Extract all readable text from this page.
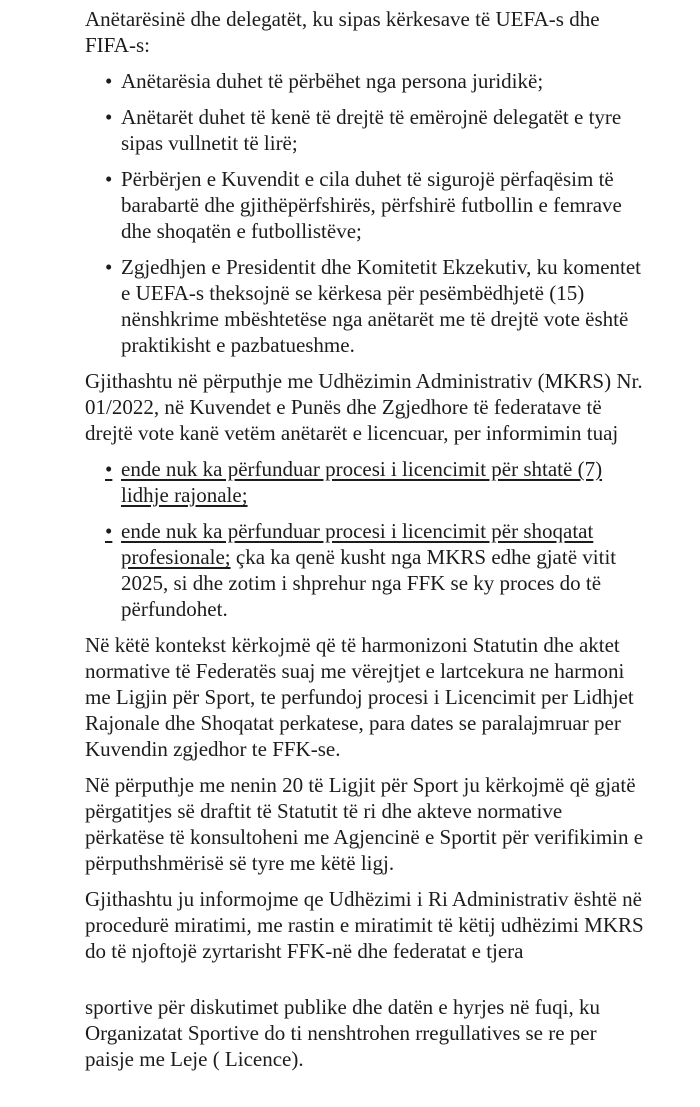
Anëtarësinë dhe delegatët, ku sipas kërkesave të UEFA-s dhe FIFA-s:

•
Anëtarësia duhet të përbëhet nga persona juridikë;
•
Anëtarët duhet të kenë të drejtë të emërojnë delegatët e tyre sipas vullnetit të lirë;
•
Përbërjen e Kuvendit e cila duhet të sigurojë përfaqësim të barabartë dhe gjithëpërfshirës, përfshirë futbollin e femrave dhe shoqatën e futbollistëve;
•
Zgjedhjen e Presidentit dhe Komitetit Ekzekutiv, ku komentet e UEFA-s theksojnë se kërkesa për pesëmbëdhjetë (15) nënshkrime mbështetëse nga anëtarët me të drejtë vote është praktikisht e pazbatueshme.

Gjithashtu në përputhje me Udhëzimin Administrativ (MKRS) Nr. 01/2022, në Kuvendet e Punës dhe Zgjedhore të federatave të drejtë vote kanë vetëm anëtarët e licencuar, per informimin tuaj

•
ende nuk ka përfunduar procesi i licencimit për shtatë (7) lidhje rajonale;
•
ende nuk ka përfunduar procesi i licencimit për shoqatat profesionale; çka ka qenë kusht nga MKRS edhe gjatë vitit 2025, si dhe zotim i shprehur nga FFK se ky proces do të përfundohet.

Në këtë kontekst kërkojmë që të harmonizoni Statutin dhe aktet normative të Federatës suaj me vërejtjet e lartcekura ne harmoni me Ligjin për Sport, te perfundoj procesi i Licencimit per Lidhjet Rajonale dhe Shoqatat perkatese, para dates se paralajmruar per Kuvendin zgjedhor te FFK-se.

Në përputhje me nenin 20 të Ligjit për Sport ju kërkojmë që gjatë përgatitjes së draftit të Statutit të ri dhe akteve normative përkatëse të konsultoheni me Agjencinë e Sportit për verifikimin e përputhshmërisë së tyre me këtë ligj.

Gjithashtu ju informojme qe Udhëzimi i Ri Administrativ është në procedurë miratimi, me rastin e miratimit të këtij udhëzimi MKRS do të njoftojë zyrtarisht FFK-në dhe federatat e tjera

sportive për diskutimet publike dhe datën e hyrjes në fuqi, ku Organizatat Sportive do ti nenshtrohen rregullatives se re per paisje me Leje ( Licence).
